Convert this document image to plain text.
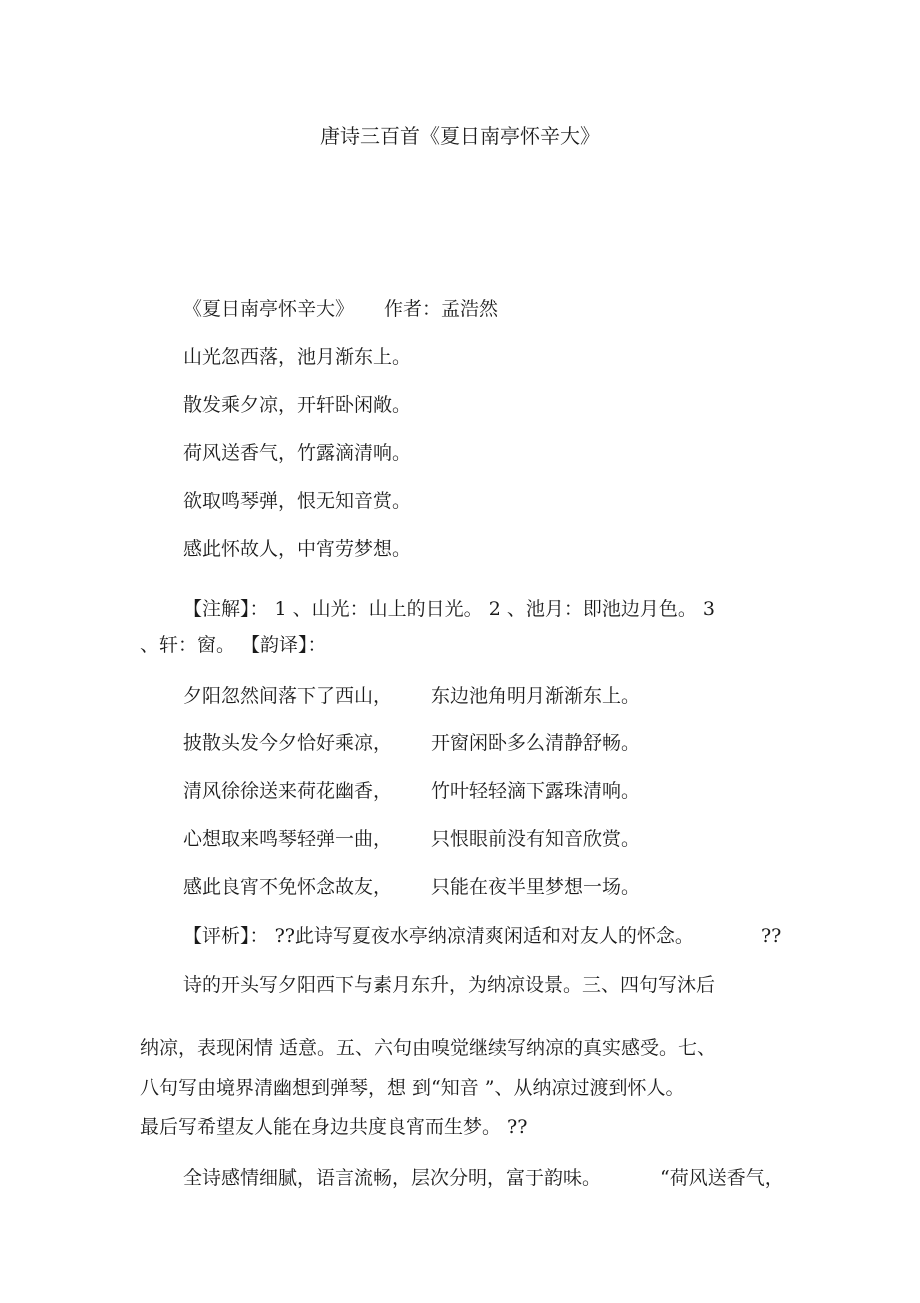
唐诗三百首《夏日南亭怀辛大》
《夏日南亭怀辛大》 作者：孟浩然
山光忽西落，池月渐东上。
散发乘夕凉，开轩卧闲敞。
荷风送香气，竹露滴清响。
欲取鸣琴弹，恨无知音赏。
感此怀故人，中宵劳梦想。
【注解】： 1 、山光：山上的日光。 2 、池月：即池边月色。 3
、轩：窗。 【韵译】：
夕阳忽然间落下了西山， 东边池角明月渐渐东上。
披散头发今夕恰好乘凉， 开窗闲卧多么清静舒畅。
清风徐徐送来荷花幽香， 竹叶轻轻滴下露珠清响。
心想取来鸣琴轻弹一曲， 只恨眼前没有知音欣赏。
感此良宵不免怀念故友， 只能在夜半里梦想一场。
【评析】： ??此诗写夏夜水亭纳凉清爽闲适和对友人的怀念。	??
诗的开头写夕阳西下与素月东升，为纳凉设景。三、四句写沐后
纳凉，表现闲情 适意。五、六句由嗅觉继续写纳凉的真实感受。七、
八句写由境界清幽想到弹琴，想 到“知音 ”、从纳凉过渡到怀人。
最后写希望友人能在身边共度良宵而生梦。 ??
全诗感情细腻，语言流畅，层次分明，富于韵味。	“荷风送香气，
